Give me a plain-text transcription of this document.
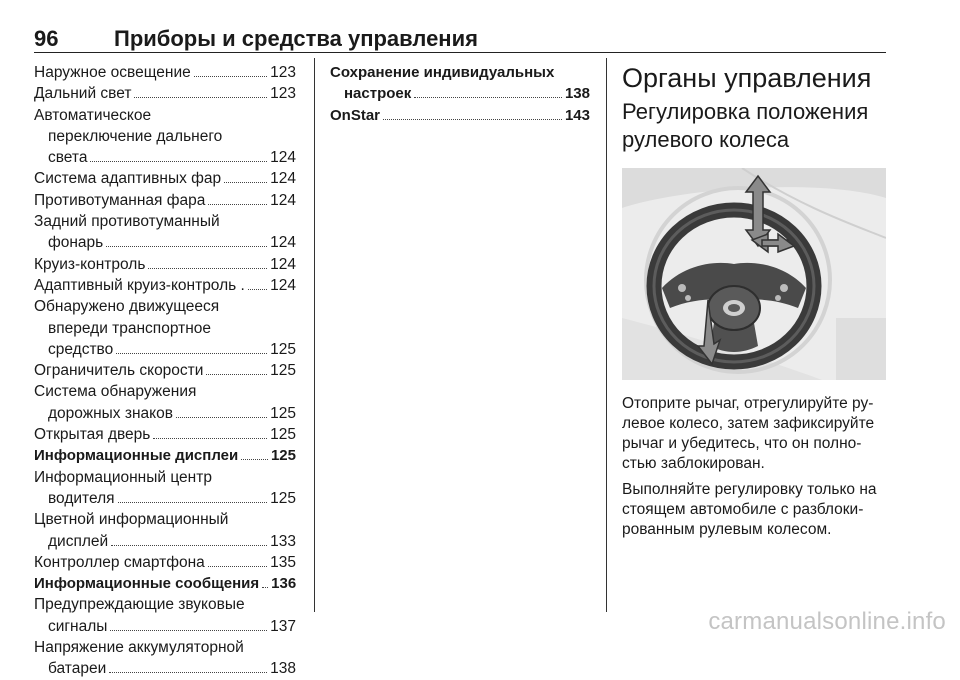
96	Приборы и средства управления
Наружное освещение	123
Дальний свет	123
Автоматическое
переключение дальнего
света	124
Система адаптивных фар	124
Противотуманная фара	124
Задний противотуманный
фонарь	124
Круиз-контроль	124
Адаптивный круиз-контроль . 124
Обнаружено движущееся
впереди транспортное
средство	125
Ограничитель скорости	125
Система обнаружения
дорожных знаков	125
Открытая дверь	125
Информационные дисплеи 125
Информационный центр
водителя	125
Цветной информационный
дисплей	133
Контроллер смартфона	135
Информационные сообщения 136
Предупреждающие звуковые
сигналы	137
Напряжение аккумуляторной
батареи	138
Сохранение индивидуальных
настроек	138
OnStar	143
Органы управления
Регулировка положения
рулевого колеса

Отоприте рычаг, отрегулируйте ру-
левое колесо, затем зафиксируйте
рычаг и убедитесь, что он полно-
стью заблокирован.

Выполняйте регулировку только на
стоящем автомобиле с разблоки-
рованным рулевым колесом.

carmanualsonline.info
